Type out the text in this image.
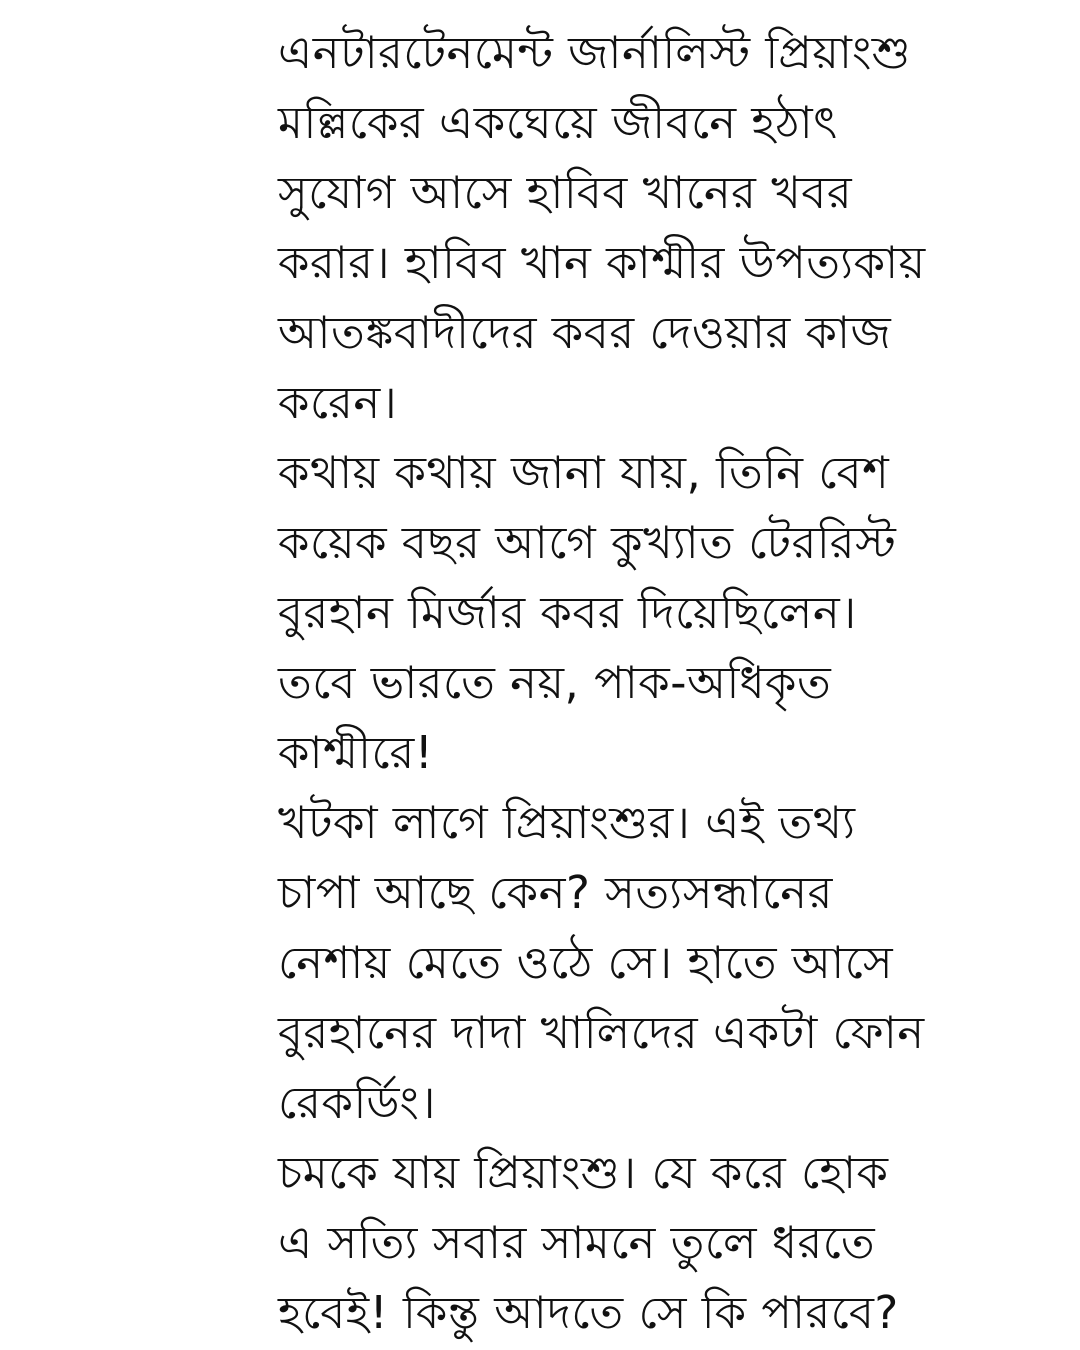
এনটারটেনমেন্ট জার্নালিস্ট প্রিয়াংশু
মল্লিকের একঘেয়ে জীবনে হঠাৎ
সুযোগ আসে হাবিব খানের খবর
করার। হাবিব খান কাশ্মীর উপত্যকায়
আতঙ্কবাদীদের কবর দেওয়ার কাজ
করেন।
কথায় কথায় জানা যায়, তিনি বেশ
কয়েক বছর আগে কুখ্যাত টেররিস্ট
বুরহান মির্জার কবর দিয়েছিলেন।
তবে ভারতে নয়, পাক-অধিকৃত
কাশ্মীরে!
খটকা লাগে প্রিয়াংশুর। এই তথ্য
চাপা আছে কেন? সত্যসন্ধানের
নেশায় মেতে ওঠে সে। হাতে আসে
বুরহানের দাদা খালিদের একটা ফোন
রেকর্ডিং।
চমকে যায় প্রিয়াংশু। যে করে হোক
এ সত্যি সবার সামনে তুলে ধরতে
হবেই! কিন্তু আদতে সে কি পারবে?
